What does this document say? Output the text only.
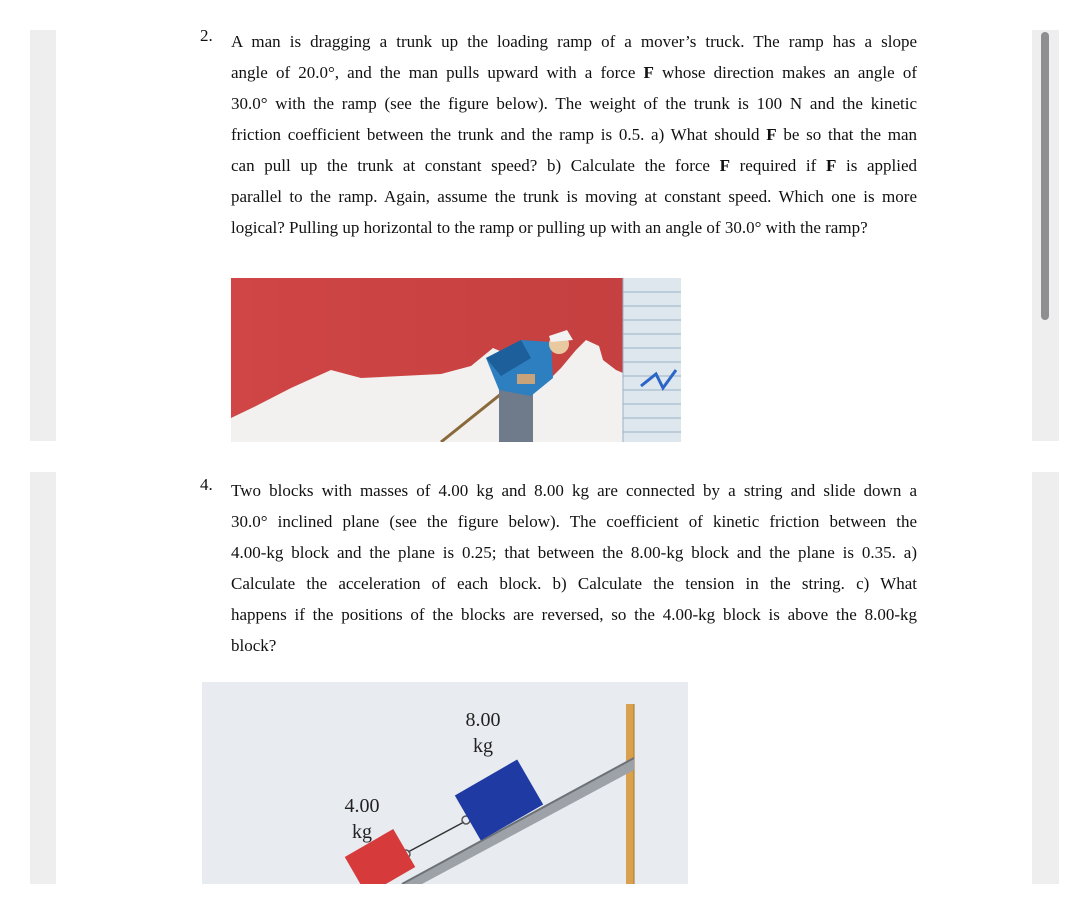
2. A man is dragging a trunk up the loading ramp of a mover’s truck. The ramp has a slope
angle of 20.0°, and the man pulls upward with a force F whose direction makes an angle of
30.0° with the ramp (see the figure below). The weight of the trunk is 100 N and the kinetic
friction coefficient between the trunk and the ramp is 0.5. a) What should F be so that the man
can pull up the trunk at constant speed? b) Calculate the force F required if F is applied
parallel to the ramp. Again, assume the trunk is moving at constant speed. Which one is more
logical? Pulling up horizontal to the ramp or pulling up with an angle of 30.0° with the ramp?
4. Two blocks with masses of 4.00 kg and 8.00 kg are connected by a string and slide down a
30.0° inclined plane (see the figure below). The coefficient of kinetic friction between the
4.00-kg block and the plane is 0.25; that between the 8.00-kg block and the plane is 0.35. a)
Calculate the acceleration of each block. b) Calculate the tension in the string. c) What
happens if the positions of the blocks are reversed, so the 4.00-kg block is above the 8.00-kg
block?
8.00
kg
4.00
kg
